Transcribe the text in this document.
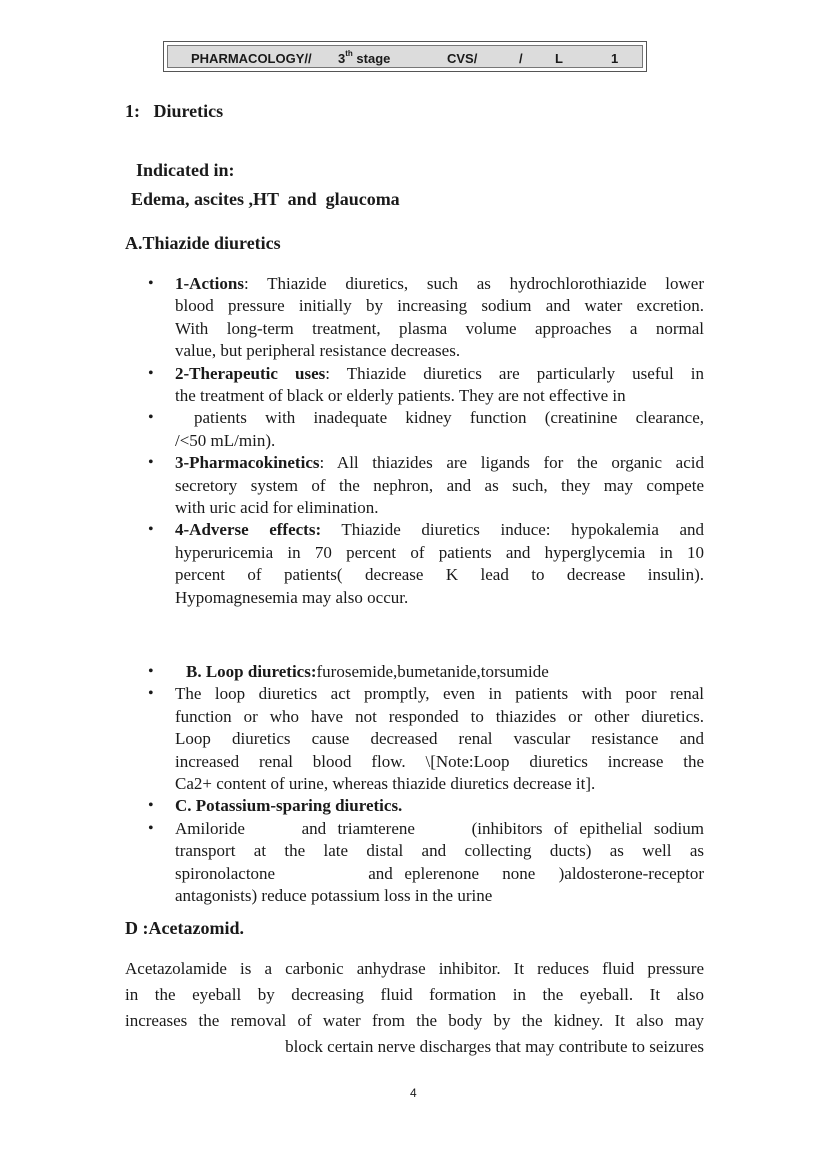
PHARMACOLOGY// 3th stage	CVS/	/ L	1
1:   Diuretics
Indicated in:
Edema, ascites ,HT  and  glaucoma
A.Thiazide diuretics
• 1-Actions: Thiazide diuretics, such as hydrochlorothiazide lower
blood pressure initially by increasing sodium and water excretion.
With long-term treatment, plasma volume approaches a normal
value, but peripheral resistance decreases.
• 2-Therapeutic uses: Thiazide diuretics are particularly useful in
the treatment of black or elderly patients. They are not effective in
• patients with inadequate kidney function (creatinine clearance,
/<50 mL/min).
• 3-Pharmacokinetics: All thiazides are ligands for the organic acid
secretory system of the nephron, and as such, they may compete
with uric acid for elimination.
• 4-Adverse effects: Thiazide diuretics induce: hypokalemia and
hyperuricemia in 70 percent of patients and hyperglycemia in 10
percent of patients( decrease K lead to decrease insulin).
Hypomagnesemia may also occur.
• B. Loop diuretics:furosemide,bumetanide,torsumide
• The loop diuretics act promptly, even in patients with poor renal
function or who have not responded to thiazides or other diuretics.
Loop diuretics cause decreased renal vascular resistance and
increased renal blood flow. \[Note:Loop diuretics increase the
Ca2+ content of urine, whereas thiazide diuretics decrease it].
• C. Potassium-sparing diuretics.
• Amiloride     and triamterene     (inhibitors of epithelial sodium
transport at the late distal and collecting ducts) as well as
spironolactone        and eplerenone  none  )aldosterone-receptor
antagonists) reduce potassium loss in the urine
D :Acetazomid.
Acetazolamide is a carbonic anhydrase inhibitor. It reduces fluid pressure
in the eyeball by decreasing fluid formation in the eyeball. It also
increases the removal of water from the body by the kidney. It also may
block certain nerve discharges that may contribute to seizures
4
